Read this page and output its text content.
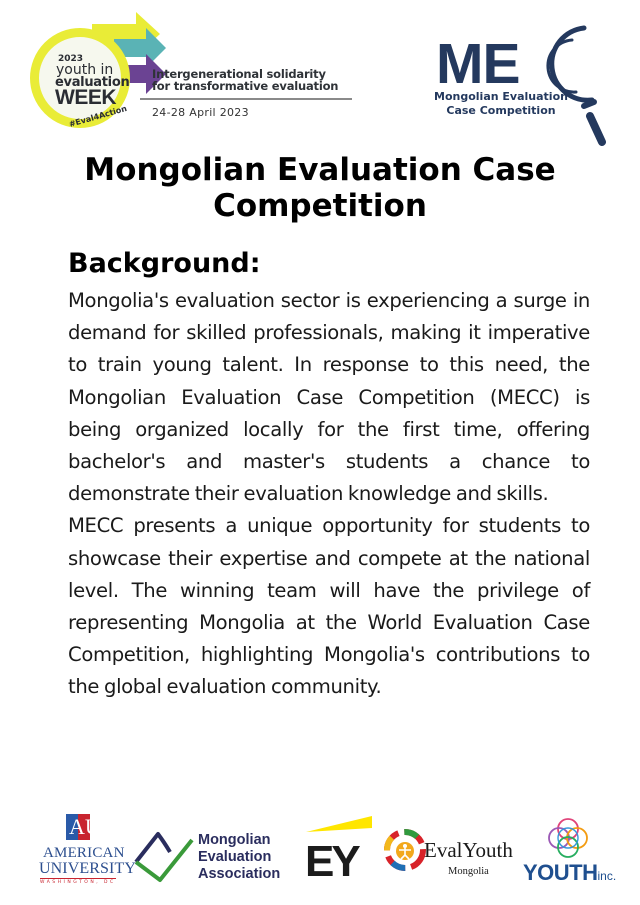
2023
youth in
evaluation
WEEK
#Eval4Action
Intergenerational solidarity
for transformative evaluation
24-28 April 2023
ME
Mongolian Evaluation
Case Competition
Mongolian Evaluation Case Competition
Background:

Mongolia's evaluation sector is experiencing a surge in demand for skilled professionals, making it imperative to train young talent. In response to this need, the Mongolian Evaluation Case Competition (MECC) is being organized locally for the first time, offering bachelor's and master's students a chance to demonstrate their evaluation knowledge and skills.

MECC presents a unique opportunity for students to showcase their expertise and compete at the national level. The winning team will have the privilege of representing Mongolia at the World Evaluation Case Competition, highlighting Mongolia's contributions to the global evaluation community.

AU
AMERICAN
UNIVERSITY
WASHINGTON, DC
Mongolian
Evaluation
Association EY	EvalYouth
Mongolia YOUTHinc.
